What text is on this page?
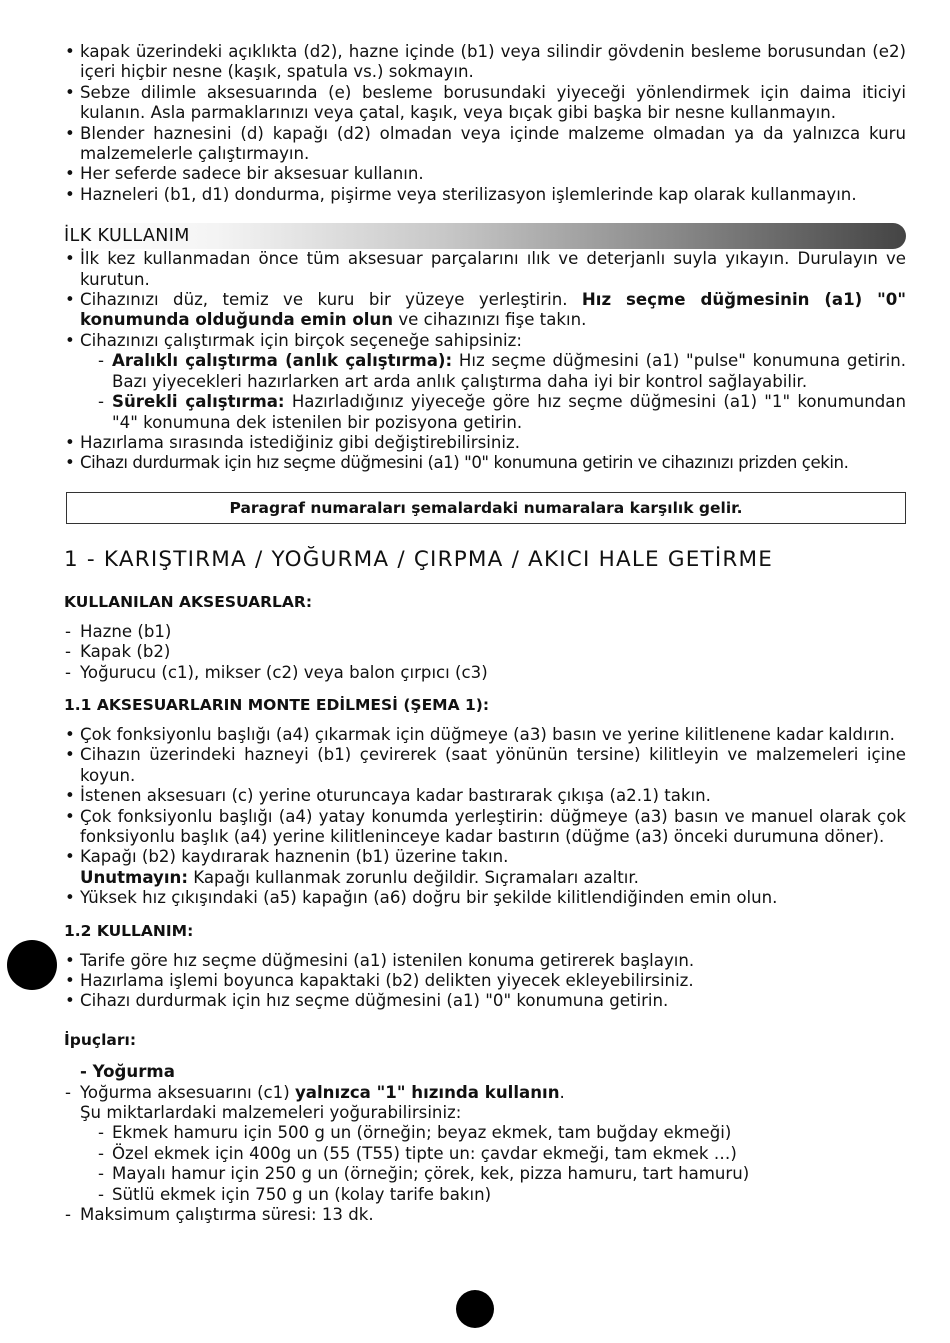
• kapak üzerindeki açıklıkta (d2), hazne içinde (b1) veya silindir gövdenin besleme borusundan (e2) içeri hiçbir nesne (kaşık, spatula vs.) sokmayın.
• Sebze dilimle aksesuarında (e) besleme borusundaki yiyeceği yönlendirmek için daima iticiyi kulanın. Asla parmaklarınızı veya çatal, kaşık, veya bıçak gibi başka bir nesne kullanmayın.
• Blender haznesini (d) kapağı (d2) olmadan veya içinde malzeme olmadan ya da yalnızca kuru malzemelerle çalıştırmayın.
• Her seferde sadece bir aksesuar kullanın.
• Hazneleri (b1, d1) dondurma, pişirme veya sterilizasyon işlemlerinde kap olarak kullanmayın.
İLK KULLANIM
• İlk kez kullanmadan önce tüm aksesuar parçalarını ılık ve deterjanlı suyla yıkayın. Durulayın ve kurutun.
• Cihazınızı düz, temiz ve kuru bir yüzeye yerleştirin. Hız seçme düğmesinin (a1) "0" konumunda olduğunda emin olun ve cihazınızı fişe takın.
• Cihazınızı çalıştırmak için birçok seçeneğe sahipsiniz:
- Aralıklı çalıştırma (anlık çalıştırma): Hız seçme düğmesini (a1) "pulse" konumuna getirin. Bazı yiyecekleri hazırlarken art arda anlık çalıştırma daha iyi bir kontrol sağlayabilir.
- Sürekli çalıştırma: Hazırladığınız yiyeceğe göre hız seçme düğmesini (a1) "1" konumundan "4" konumuna dek istenilen bir pozisyona getirin.
• Hazırlama sırasında istediğiniz gibi değiştirebilirsiniz.
• Cihazı durdurmak için hız seçme düğmesini (a1) "0" konumuna getirin ve cihazınızı prizden çekin.
Paragraf numaraları şemalardaki numaralara karşılık gelir.
1 - KARIŞTIRMA / YOĞURMA / ÇIRPMA / AKICI HALE GETİRME
KULLANILAN AKSESUARLAR:
- Hazne (b1)
- Kapak (b2)
- Yoğurucu (c1), mikser (c2) veya balon çırpıcı (c3)
1.1 AKSESUARLARIN MONTE EDİLMESİ (ŞEMA 1):
• Çok fonksiyonlu başlığı (a4) çıkarmak için düğmeye (a3) basın ve yerine kilitlenene kadar kaldırın.
• Cihazın üzerindeki hazneyi (b1) çevirerek (saat yönünün tersine) kilitleyin ve malzemeleri içine koyun.
• İstenen aksesuarı (c) yerine oturuncaya kadar bastırarak çıkışa (a2.1) takın.
• Çok fonksiyonlu başlığı (a4) yatay konumda yerleştirin: düğmeye (a3) basın ve manuel olarak çok fonksiyonlu başlık (a4) yerine kilitleninceye kadar bastırın (düğme (a3) önceki durumuna döner).
• Kapağı (b2) kaydırarak haznenin (b1) üzerine takın.
Unutmayın: Kapağı kullanmak zorunlu değildir. Sıçramaları azaltır.
• Yüksek hız çıkışındaki (a5) kapağın (a6) doğru bir şekilde kilitlendiğinden emin olun.
1.2 KULLANIM:
• Tarife göre hız seçme düğmesini (a1) istenilen konuma getirerek başlayın.
• Hazırlama işlemi boyunca kapaktaki (b2) delikten yiyecek ekleyebilirsiniz.
• Cihazı durdurmak için hız seçme düğmesini (a1) "0" konumuna getirin.
İpuçları:
- Yoğurma
- Yoğurma aksesuarını (c1) yalnızca "1" hızında kullanın.
Şu miktarlardaki malzemeleri yoğurabilirsiniz:
- Ekmek hamuru için 500 g un (örneğin; beyaz ekmek, tam buğday ekmeği)
- Özel ekmek için 400g un (55 (T55) tipte un: çavdar ekmeği, tam ekmek …)
- Mayalı hamur için 250 g un (örneğin; çörek, kek, pizza hamuru, tart hamuru)
- Sütlü ekmek için 750 g un (kolay tarife bakın)
- Maksimum çalıştırma süresi: 13 dk.
